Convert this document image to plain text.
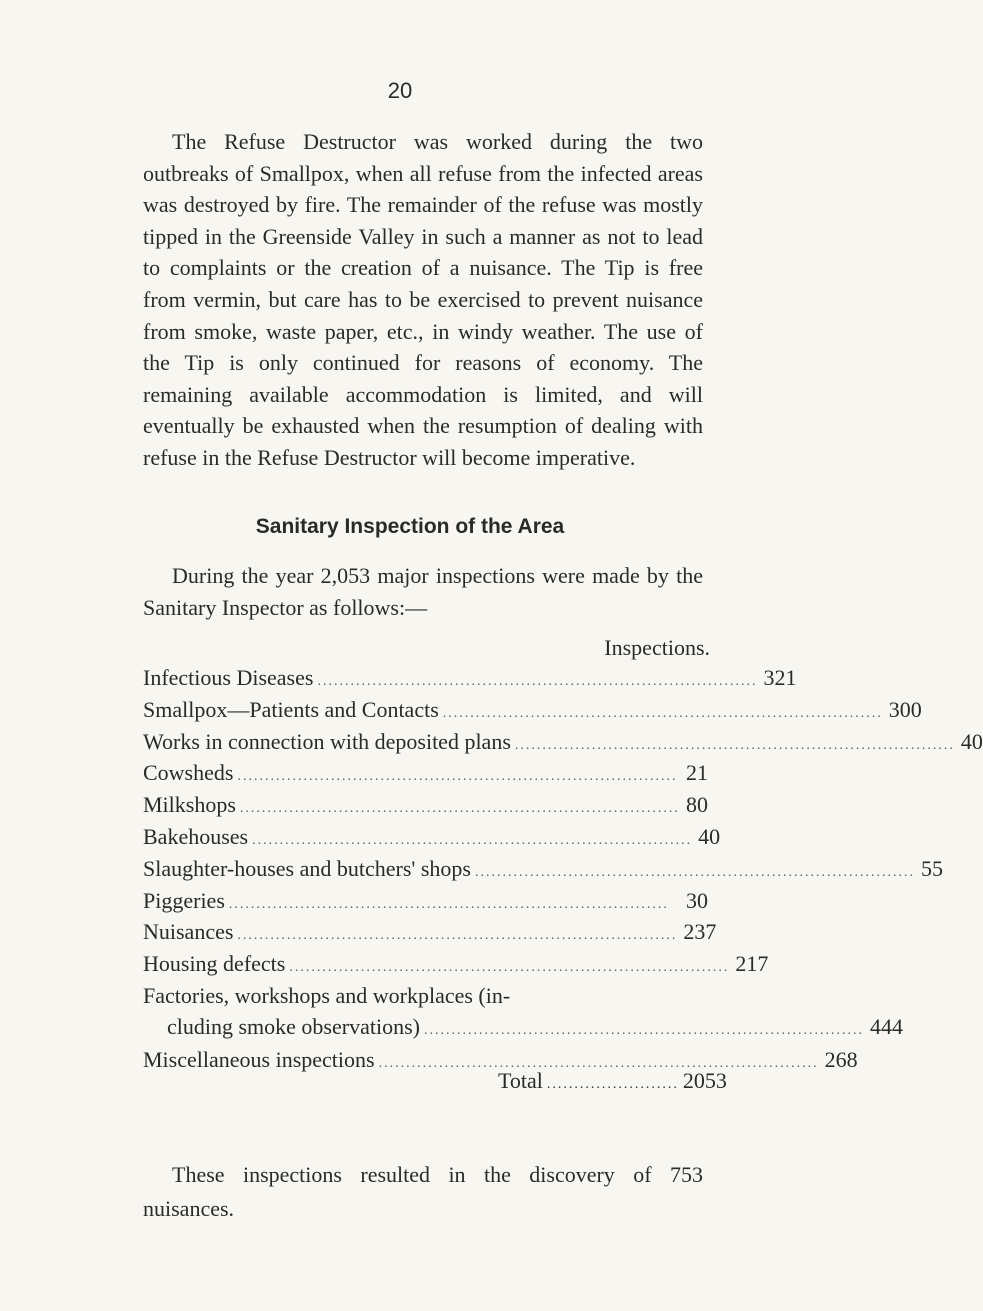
20

The Refuse Destructor was worked during the two outbreaks of Smallpox, when all refuse from the infected areas was destroyed by fire. The remainder of the refuse was mostly tipped in the Greenside Valley in such a manner as not to lead to complaints or the creation of a nuisance. The Tip is free from vermin, but care has to be exercised to prevent nuisance from smoke, waste paper, etc., in windy weather. The use of the Tip is only continued for reasons of economy. The remaining available accommodation is limited, and will eventually be exhausted when the resumption of dealing with refuse in the Refuse Destructor will become imperative.

Sanitary Inspection of the Area

During the year 2,053 major inspections were made by the Sanitary Inspector as follows:—

Inspections.
Infectious Diseases ................................................................................ 321
Smallpox—Patients and Contacts ................................................................................ 300
Works in connection with deposited plans ................................................................................ 40
Cowsheds ................................................................................ 21
Milkshops ................................................................................ 80
Bakehouses ................................................................................ 40
Slaughter-houses and butchers' shops ................................................................................ 55
Piggeries ................................................................................ 30
Nuisances ................................................................................ 237
Housing defects ................................................................................ 217
Factories, workshops and workplaces (in-
cluding smoke observations) ................................................................................ 444
Miscellaneous inspections ................................................................................ 268
Total ........................ 2053

These inspections resulted in the discovery of 753 nuisances.
